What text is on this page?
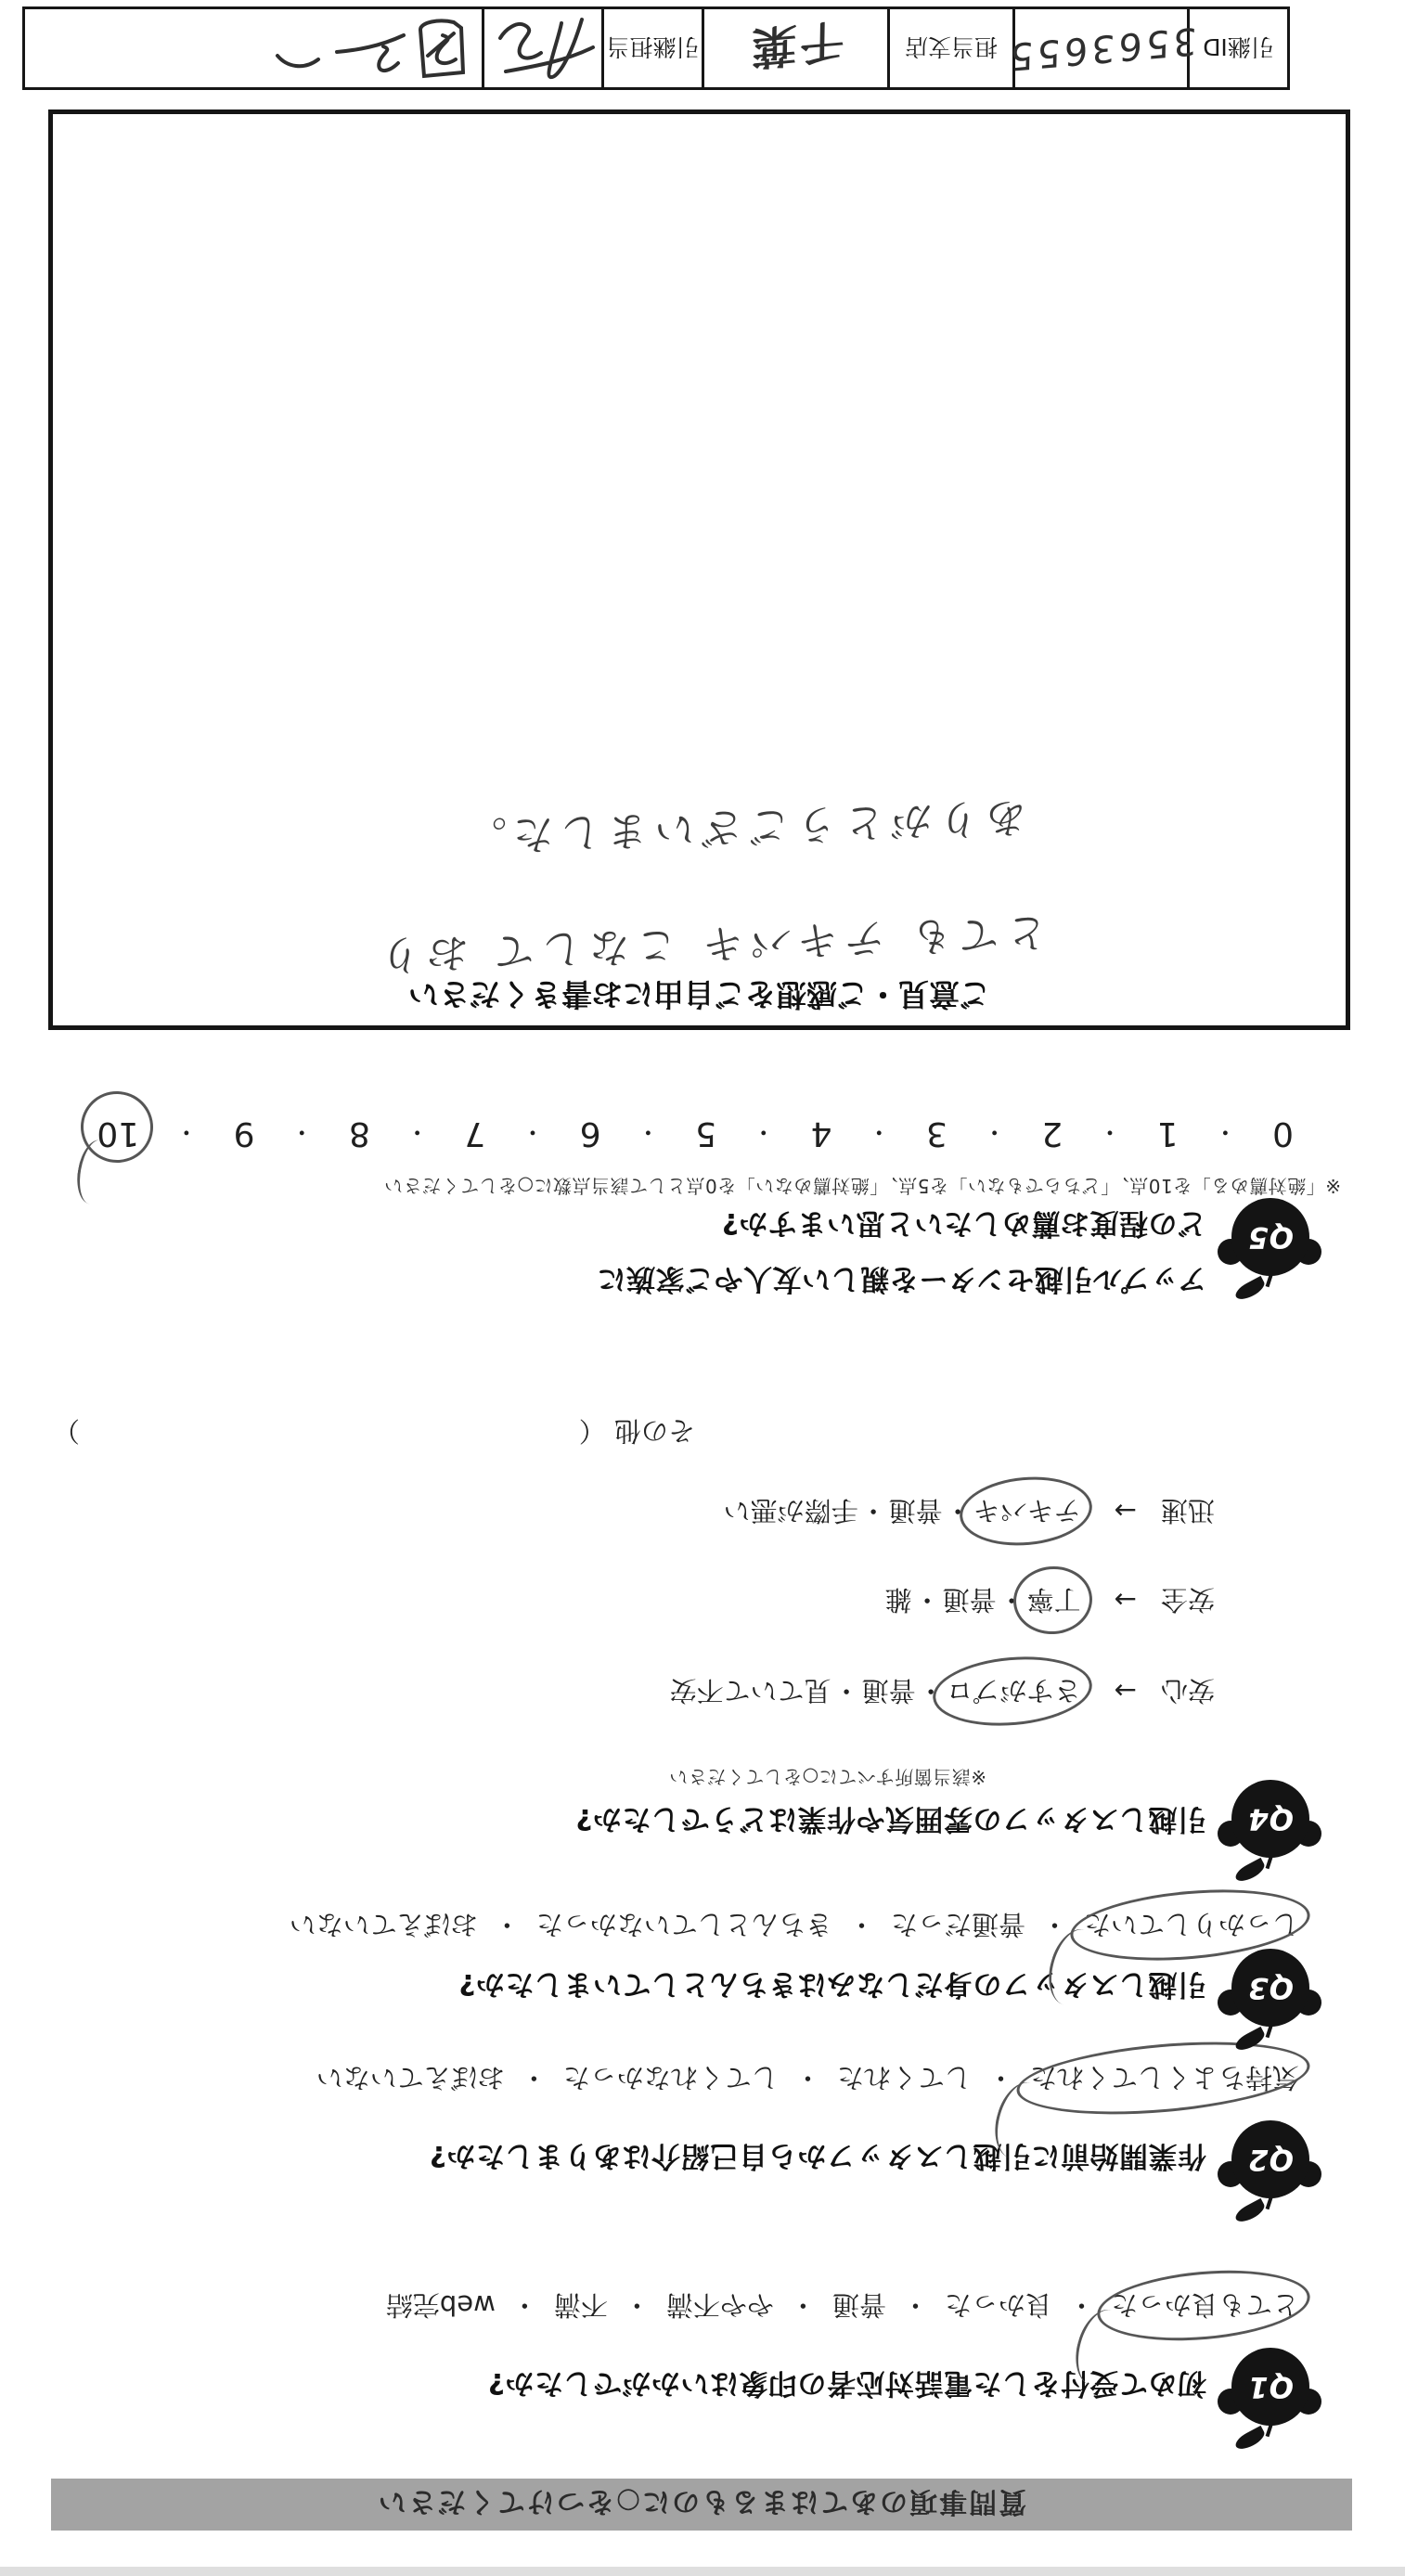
質問事項のあてはまるものに○をつけてください
Q1
初めて受付をした電話対応者の印象はいかがでしたか?
とても良かった・良かった・普通・やや不満・不満・web完結
Q2
作業開始前に引越しスタッフから自己紹介はありましたか?
気持ちよくしてくれた・してくれた・してくれなかった・おぼえていない
Q3
引越しスタッフの身だしなみはきちんとしていましたか?
しっかりしていた・普通だった・きちんとしていなかった・おぼえていない
Q4
引越しスタッフの雰囲気や作業はどうでしたか?
※該当箇所すべてに○をしてください
安心→さすがプロ・普通・見ていて不安
安全→丁寧・普通・雑
迅速→テキパキ・普通・手際が悪い
その他 （
）
Q5
アップル引越センターを親しい友人やご家族に
どの程度お薦めしたいと思いますか?
※「絶対薦める」を10点、「どちらでもない」を5点、「絶対薦めない」を0点として該当点数に○をしてください
0
・
1
・
2
・
3
・
4
・
5
・
6
・
7
・
8
・
9
・
10
ご意見・ご感想をご自由にお書きください
とても テキパキ こなして おり
ありがとうございました。
引継ID
3563655
担当支店
千葉
引継担当
